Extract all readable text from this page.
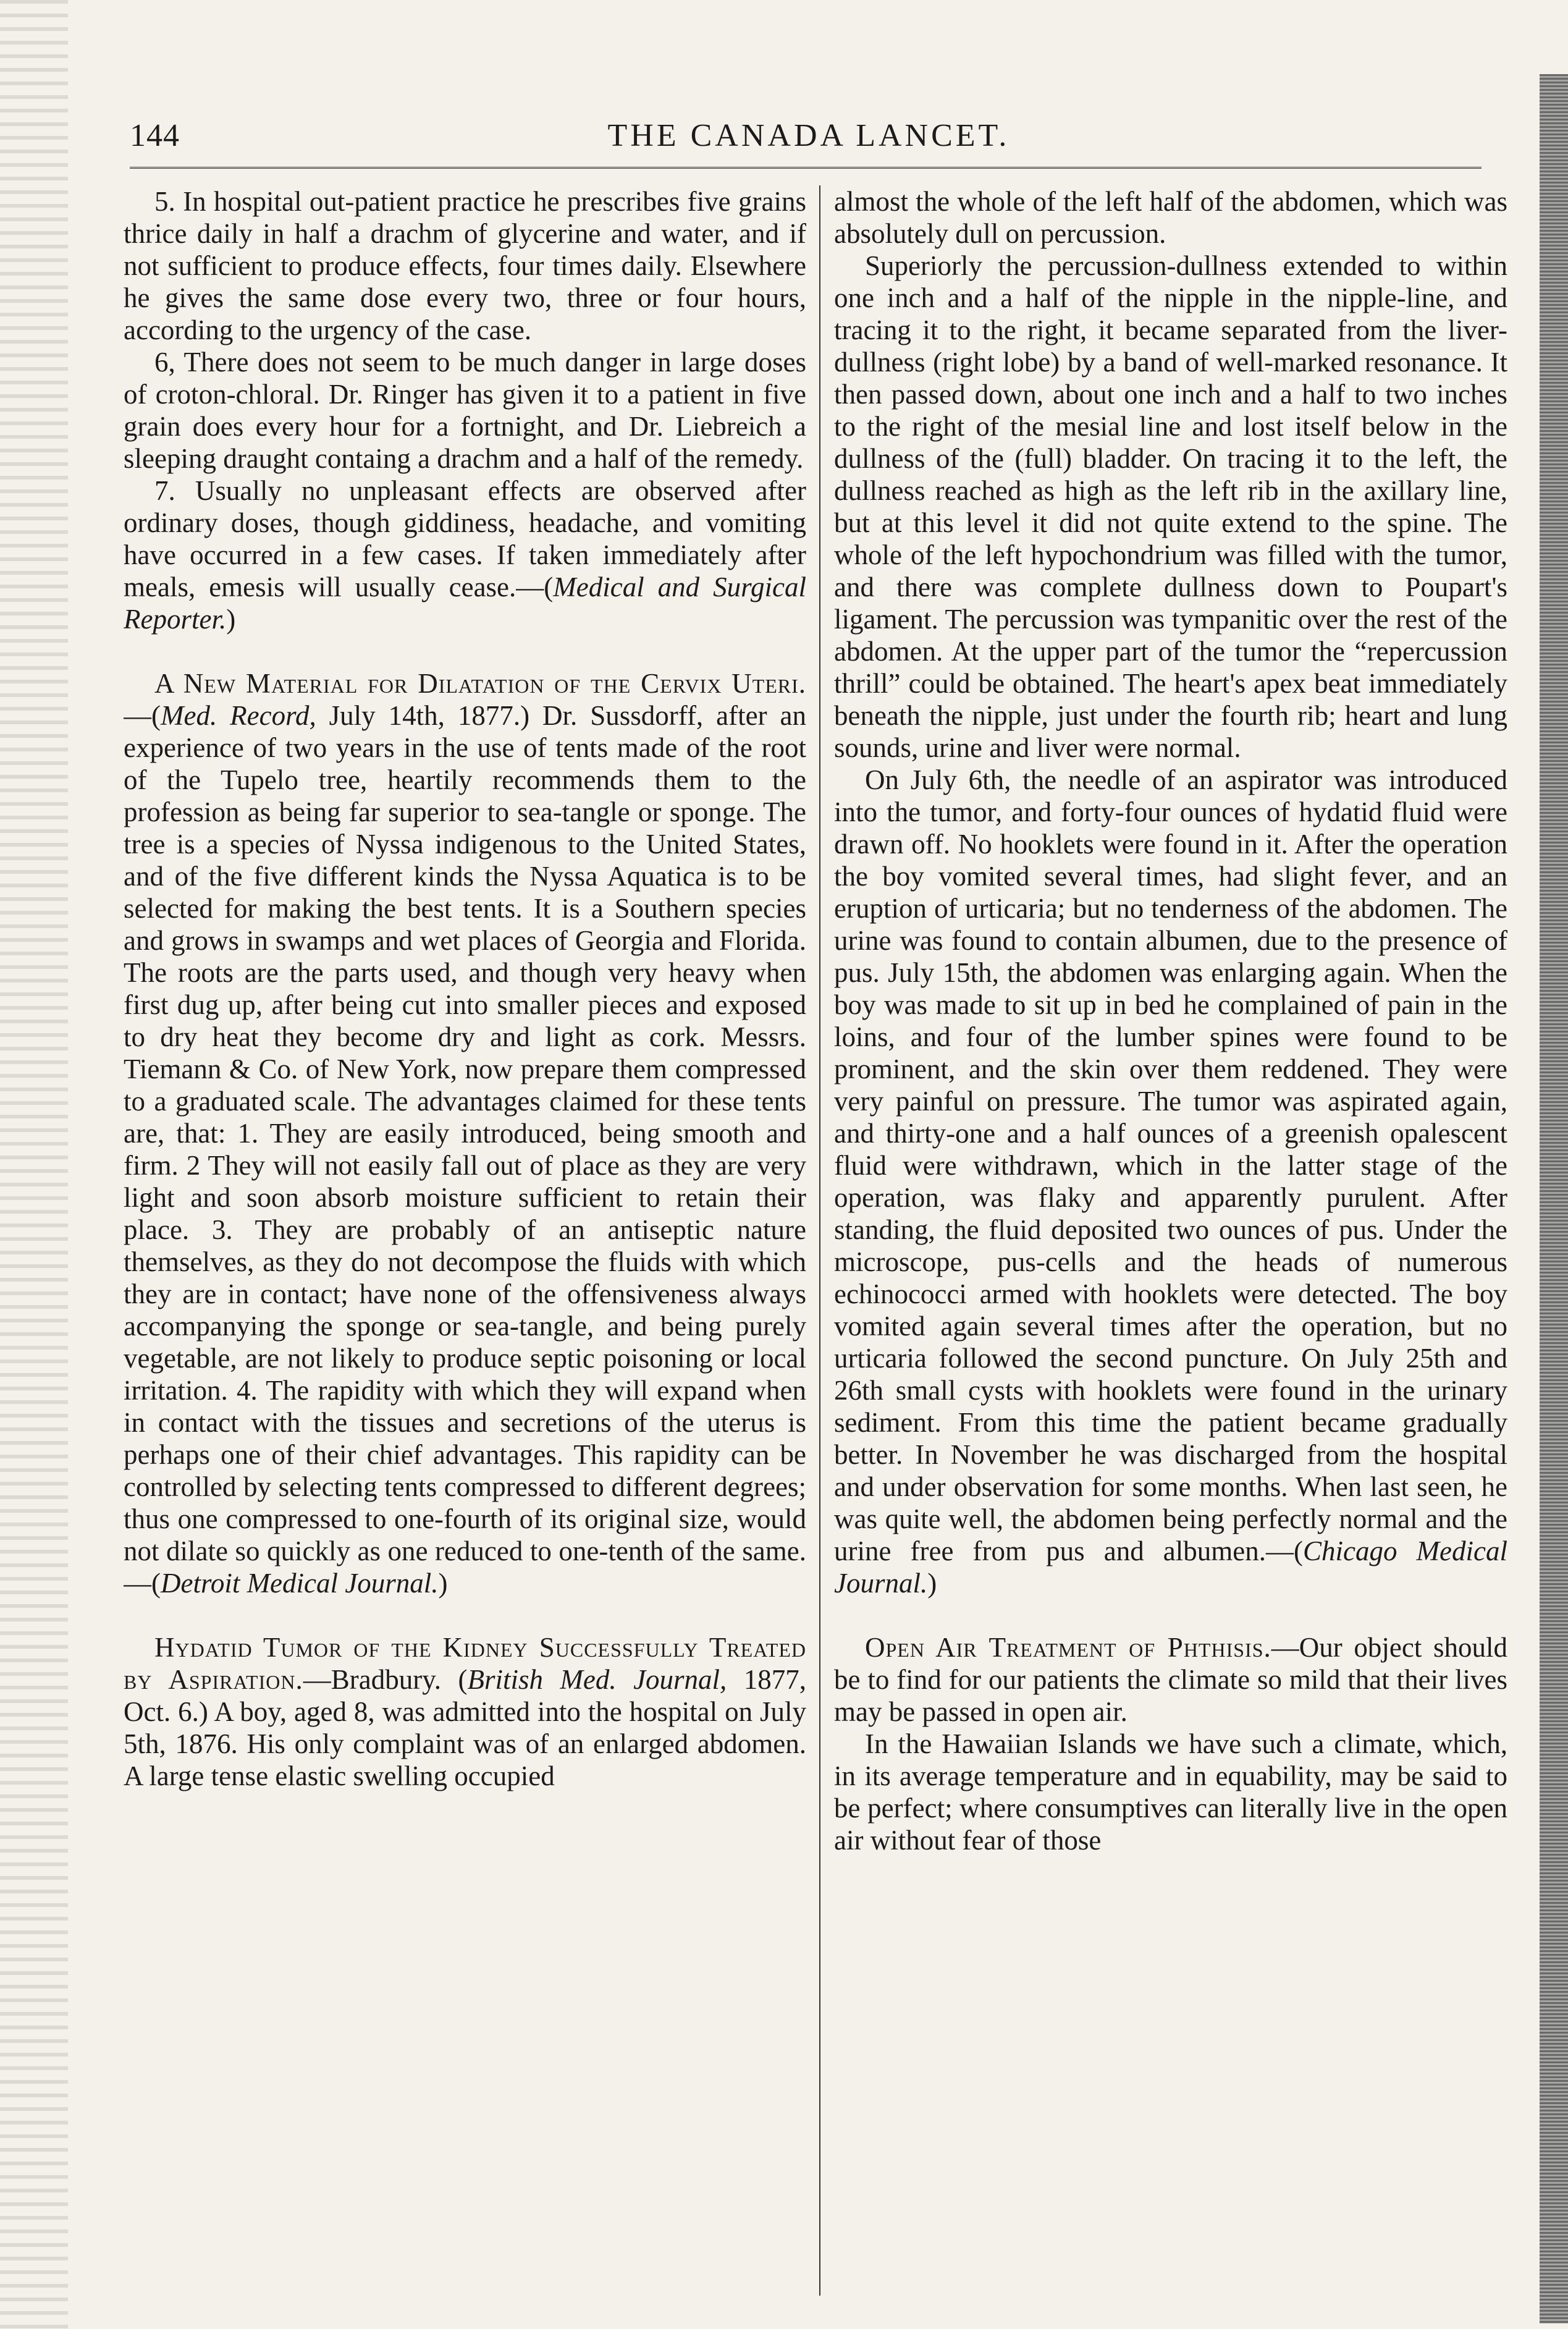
144	THE CANADA LANCET.

5. In hospital out-patient practice he prescribes five grains thrice daily in half a drachm of glycerine and water, and if not sufficient to produce effects, four times daily. Elsewhere he gives the same dose every two, three or four hours, according to the urgency of the case.

6, There does not seem to be much danger in large doses of croton-chloral. Dr. Ringer has given it to a patient in five grain does every hour for a fortnight, and Dr. Liebreich a sleeping draught containg a drachm and a half of the remedy.

7. Usually no unpleasant effects are observed after ordinary doses, though giddiness, headache, and vomiting have occurred in a few cases. If taken immediately after meals, emesis will usually cease.—(Medical and Surgical Reporter.)

A New Material for Dilatation of the Cervix Uteri.—(Med. Record, July 14th, 1877.) Dr. Sussdorff, after an experience of two years in the use of tents made of the root of the Tupelo tree, heartily recommends them to the profession as being far superior to sea-tangle or sponge. The tree is a species of Nyssa indigenous to the United States, and of the five different kinds the Nyssa Aquatica is to be selected for making the best tents. It is a Southern species and grows in swamps and wet places of Georgia and Florida. The roots are the parts used, and though very heavy when first dug up, after being cut into smaller pieces and exposed to dry heat they become dry and light as cork. Messrs. Tiemann & Co. of New York, now prepare them compressed to a graduated scale. The advantages claimed for these tents are, that: 1. They are easily introduced, being smooth and firm. 2 They will not easily fall out of place as they are very light and soon absorb moisture sufficient to retain their place. 3. They are probably of an antiseptic nature themselves, as they do not decompose the fluids with which they are in contact; have none of the offensiveness always accompanying the sponge or sea-tangle, and being purely vegetable, are not likely to produce septic poisoning or local irritation. 4. The rapidity with which they will expand when in contact with the tissues and secretions of the uterus is perhaps one of their chief advantages. This rapidity can be controlled by selecting tents compressed to different degrees; thus one compressed to one-fourth of its original size, would not dilate so quickly as one reduced to one-tenth of the same.—(Detroit Medical Journal.)

Hydatid Tumor of the Kidney Successfully Treated by Aspiration.—Bradbury. (British Med. Journal, 1877, Oct. 6.) A boy, aged 8, was admitted into the hospital on July 5th, 1876. His only complaint was of an enlarged abdomen. A large tense elastic swelling occupied

almost the whole of the left half of the abdomen, which was absolutely dull on percussion.

Superiorly the percussion-dullness extended to within one inch and a half of the nipple in the nipple-line, and tracing it to the right, it became separated from the liver-dullness (right lobe) by a band of well-marked resonance. It then passed down, about one inch and a half to two inches to the right of the mesial line and lost itself below in the dullness of the (full) bladder. On tracing it to the left, the dullness reached as high as the left rib in the axillary line, but at this level it did not quite extend to the spine. The whole of the left hypochondrium was filled with the tumor, and there was complete dullness down to Poupart's ligament. The percussion was tympanitic over the rest of the abdomen. At the upper part of the tumor the “repercussion thrill” could be obtained. The heart's apex beat immediately beneath the nipple, just under the fourth rib; heart and lung sounds, urine and liver were normal.

On July 6th, the needle of an aspirator was introduced into the tumor, and forty-four ounces of hydatid fluid were drawn off. No hooklets were found in it. After the operation the boy vomited several times, had slight fever, and an eruption of urticaria; but no tenderness of the abdomen. The urine was found to contain albumen, due to the presence of pus. July 15th, the abdomen was enlarging again. When the boy was made to sit up in bed he complained of pain in the loins, and four of the lumber spines were found to be prominent, and the skin over them reddened. They were very painful on pressure. The tumor was aspirated again, and thirty-one and a half ounces of a greenish opalescent fluid were withdrawn, which in the latter stage of the operation, was flaky and apparently purulent. After standing, the fluid deposited two ounces of pus. Under the microscope, pus-cells and the heads of numerous echinococci armed with hooklets were detected. The boy vomited again several times after the operation, but no urticaria followed the second puncture. On July 25th and 26th small cysts with hooklets were found in the urinary sediment. From this time the patient became gradually better. In November he was discharged from the hospital and under observation for some months. When last seen, he was quite well, the abdomen being perfectly normal and the urine free from pus and albumen.—(Chicago Medical Journal.)

Open Air Treatment of Phthisis.—Our object should be to find for our patients the climate so mild that their lives may be passed in open air.

In the Hawaiian Islands we have such a climate, which, in its average temperature and in equability, may be said to be perfect; where consumptives can literally live in the open air without fear of those
